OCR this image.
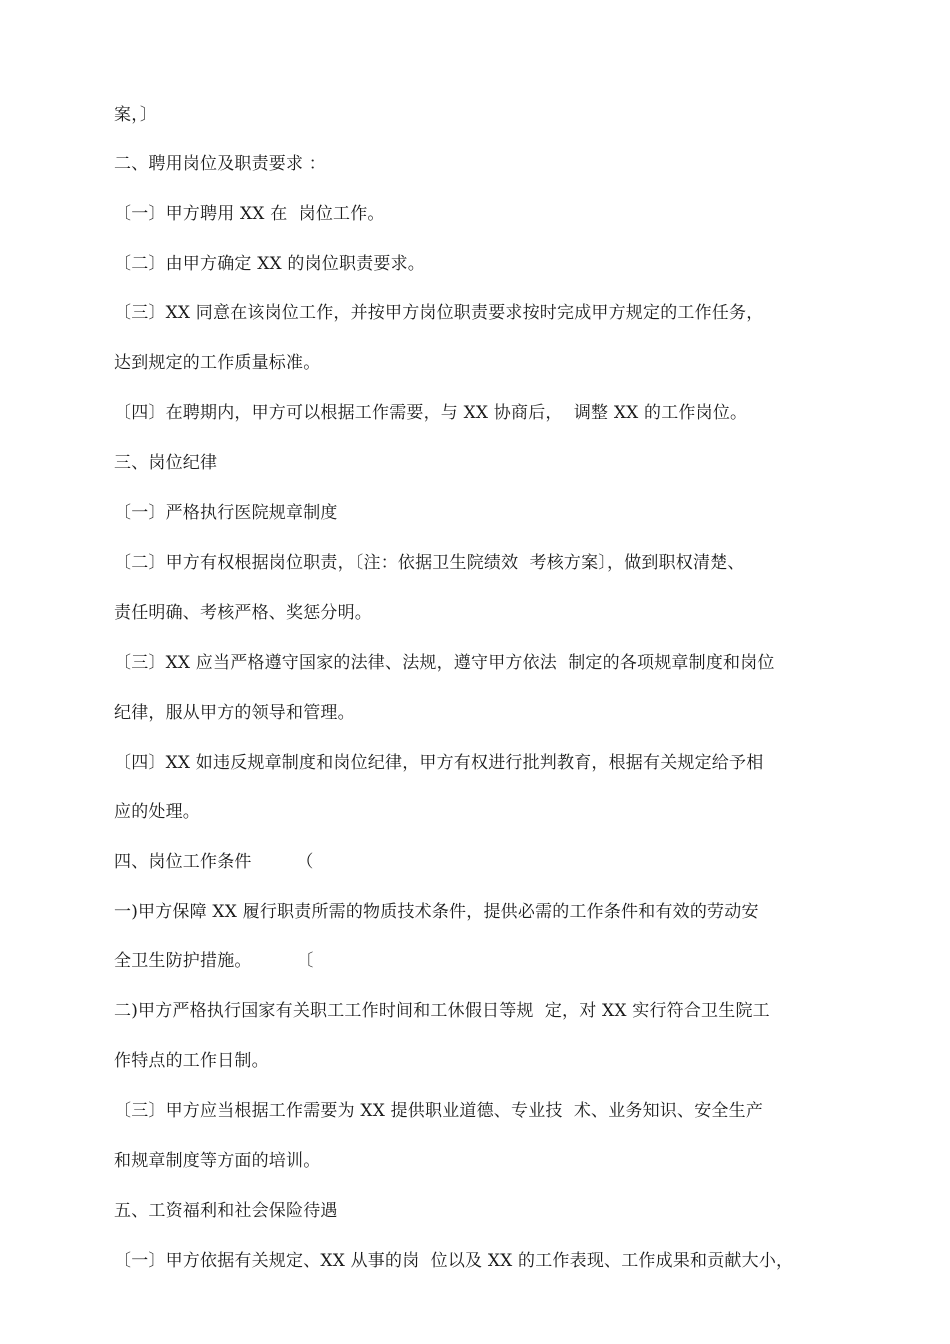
案，〕
二、聘用岗位及职责要求 ：
〔一〕甲方聘用 XX 在  岗位工作。
〔二〕由甲方确定 XX 的岗位职责要求。
〔三〕XX 同意在该岗位工作，并按甲方岗位职责要求按时完成甲方规定的工作任务，
达到规定的工作质量标准。
〔四〕在聘期内，甲方可以根据工作需要，与 XX 协商后，  调整 XX 的工作岗位。
三、岗位纪律
〔一〕严格执行医院规章制度
〔二〕甲方有权根据岗位职责，〔注：依据卫生院绩效  考核方案〕，做到职权清楚、
责任明确、考核严格、奖惩分明。
〔三〕XX 应当严格遵守国家的法律、法规，遵守甲方依法  制定的各项规章制度和岗位
纪律，服从甲方的领导和管理。
〔四〕XX 如违反规章制度和岗位纪律，甲方有权进行批判教育，根据有关规定给予相
应的处理。
四、岗位工作条件        （
一)甲方保障 XX 履行职责所需的物质技术条件，提供必需的工作条件和有效的劳动安
全卫生防护措施。        〔
二)甲方严格执行国家有关职工工作时间和工休假日等规  定，对 XX 实行符合卫生院工
作特点的工作日制。
〔三〕甲方应当根据工作需要为 XX 提供职业道德、专业技  术、业务知识、安全生产
和规章制度等方面的培训。
五、工资福利和社会保险待遇
〔一〕甲方依据有关规定、XX 从事的岗  位以及 XX 的工作表现、工作成果和贡献大小，
